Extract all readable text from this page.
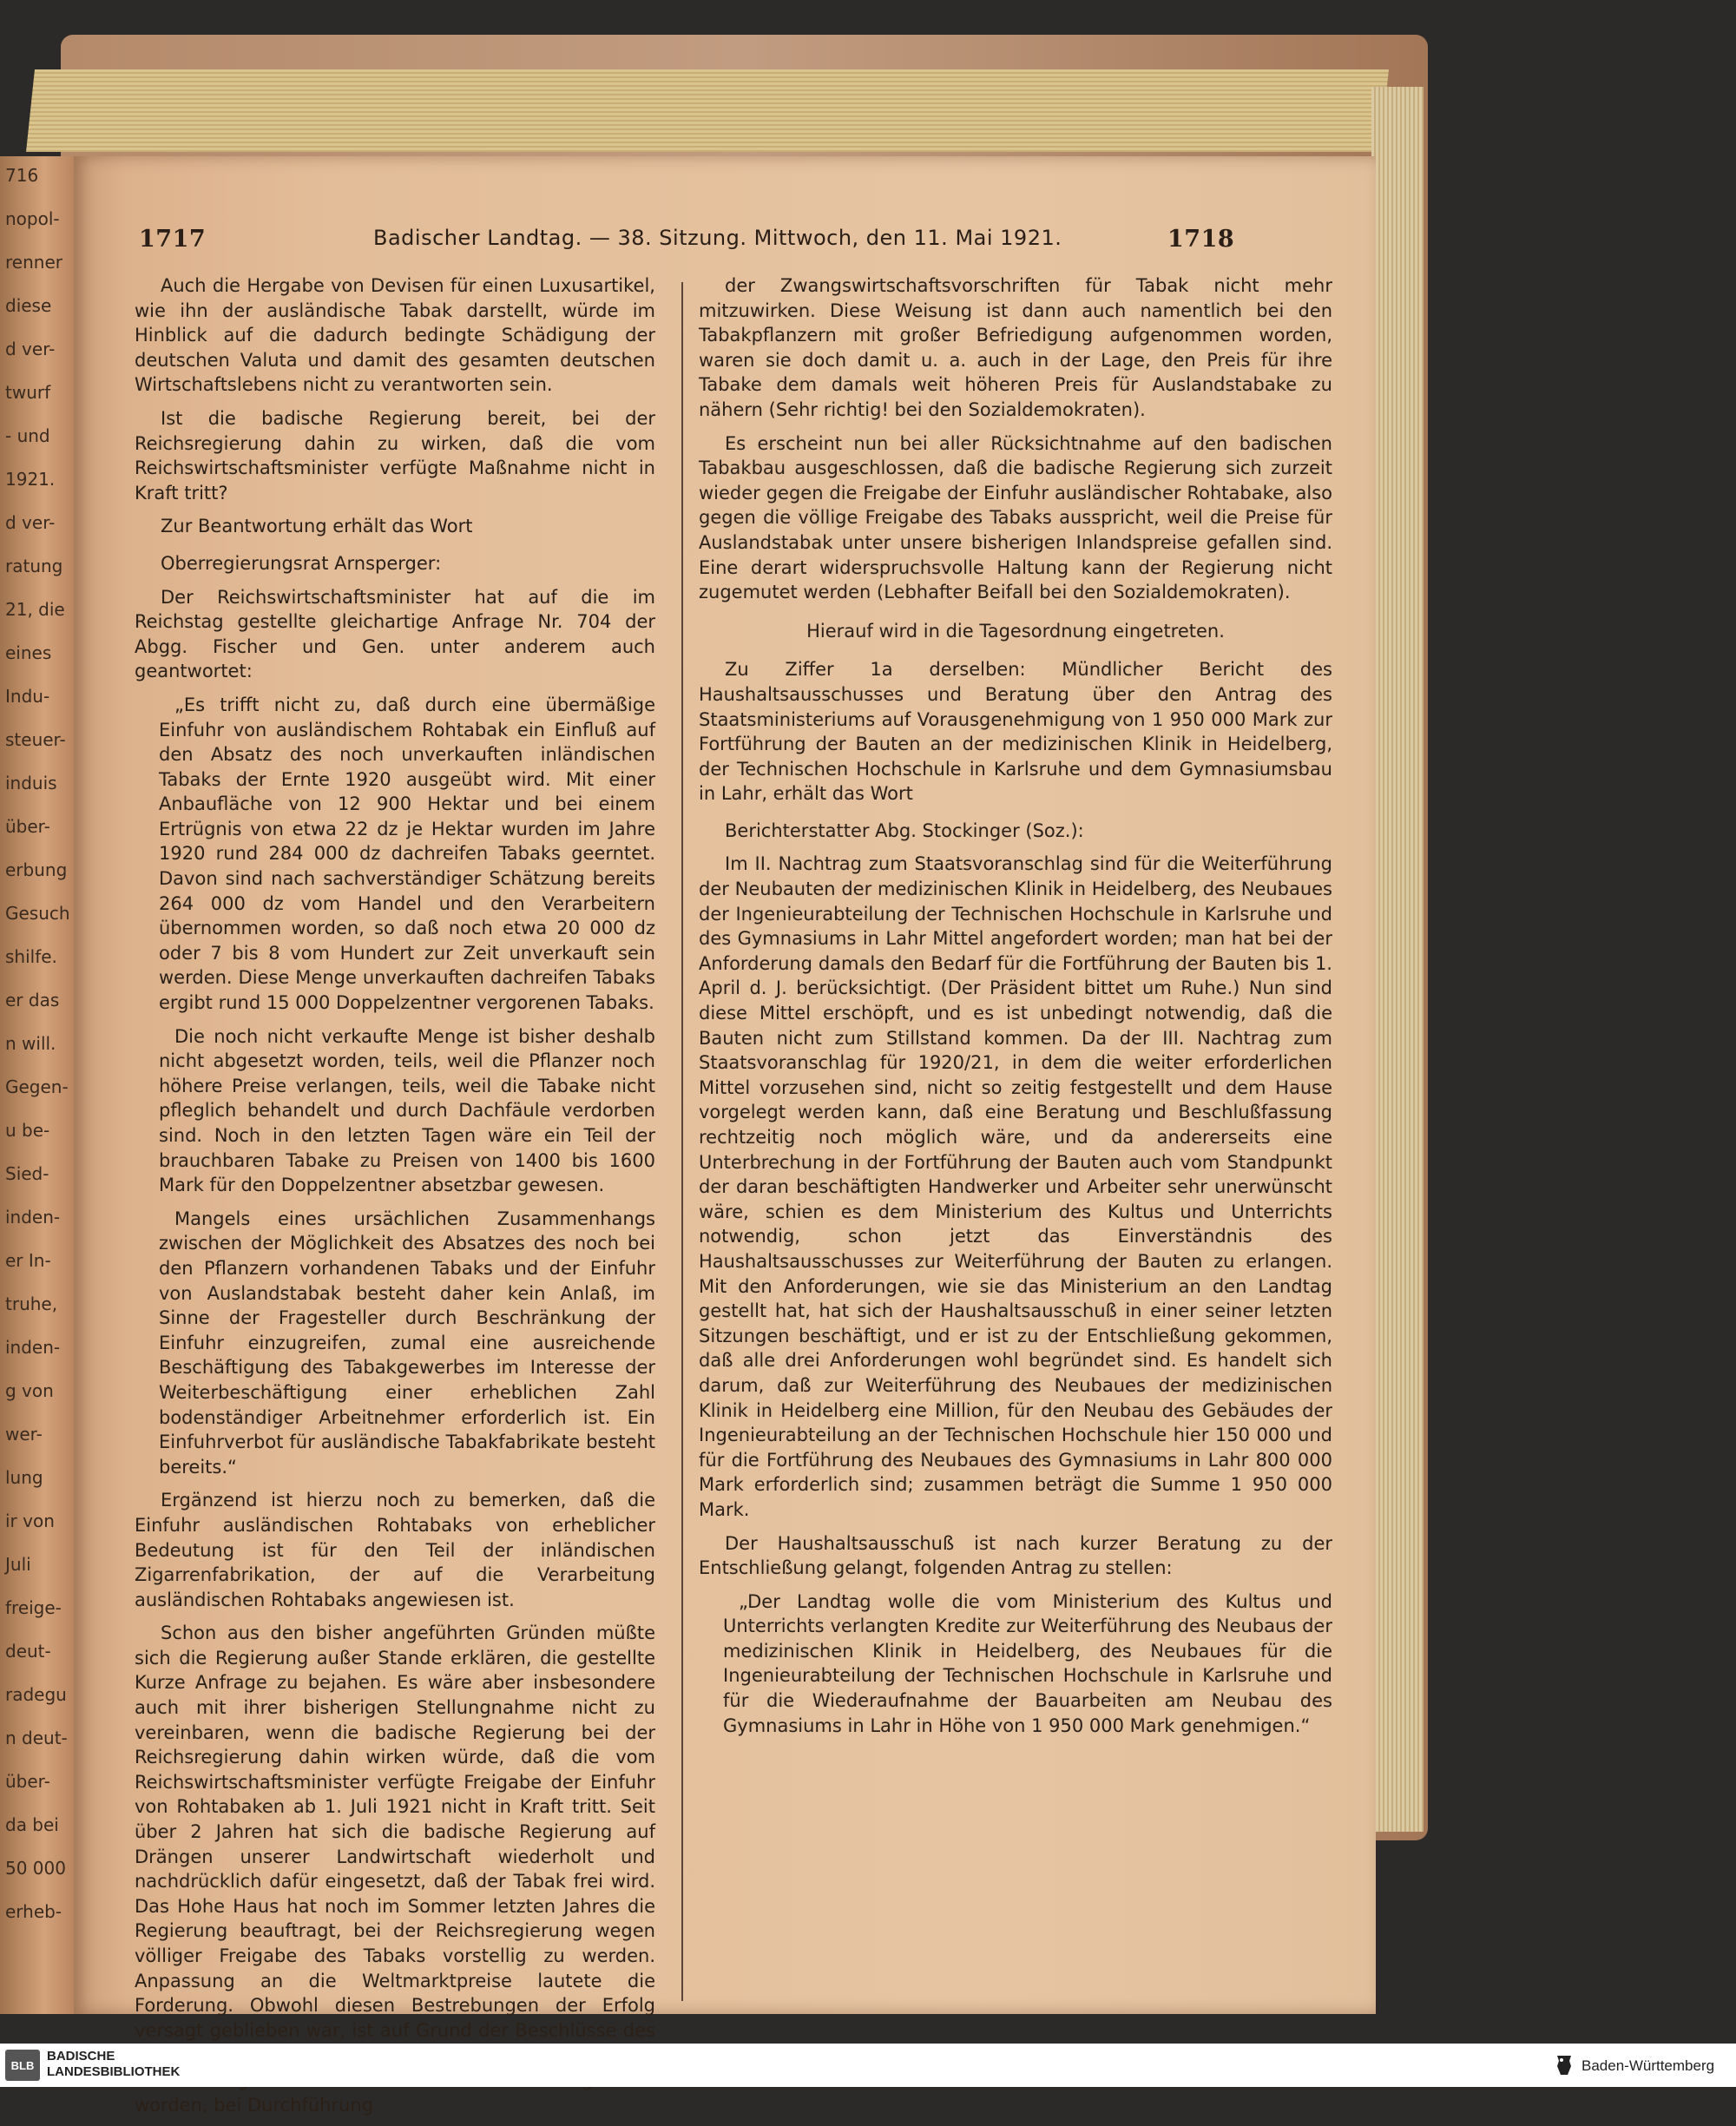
716
nopol-
renner
diese
d ver-
twurf
- und
1921.
d ver-
ratung
21, die
eines
Indu-
steuer-
induis
über-
erbung
Gesuch
shilfe.
er das
n will.
Gegen-
u be-
Sied-
inden-
er In-
truhe,
inden-
g von
wer-
lung
ir von
Juli
freige-
deut-
radegu
n deut-
über-
da bei
50 000
erheb-
1717	Badischer Landtag. — 38. Sitzung. Mittwoch, den 11. Mai 1921.	1718

Auch die Hergabe von Devisen für einen Luxusartikel, wie ihn der ausländische Tabak darstellt, würde im Hinblick auf die dadurch bedingte Schädigung der deutschen Valuta und damit des gesamten deutschen Wirtschaftslebens nicht zu verantworten sein.

Ist die badische Regierung bereit, bei der Reichsregierung dahin zu wirken, daß die vom Reichswirtschaftsminister verfügte Maßnahme nicht in Kraft tritt?

Zur Beantwortung erhält das Wort

Oberregierungsrat Arnsperger:

Der Reichswirtschaftsminister hat auf die im Reichstag gestellte gleichartige Anfrage Nr. 704 der Abgg. Fischer und Gen. unter anderem auch geantwortet:

„Es trifft nicht zu, daß durch eine übermäßige Einfuhr von ausländischem Rohtabak ein Einfluß auf den Absatz des noch unverkauften inländischen Tabaks der Ernte 1920 ausgeübt wird. Mit einer Anbaufläche von 12 900 Hektar und bei einem Ertrügnis von etwa 22 dz je Hektar wurden im Jahre 1920 rund 284 000 dz dachreifen Tabaks geerntet. Davon sind nach sachverständiger Schätzung bereits 264 000 dz vom Handel und den Verarbeitern übernommen worden, so daß noch etwa 20 000 dz oder 7 bis 8 vom Hundert zur Zeit unverkauft sein werden. Diese Menge unverkauften dachreifen Tabaks ergibt rund 15 000 Doppelzentner vergorenen Tabaks.

Die noch nicht verkaufte Menge ist bisher deshalb nicht abgesetzt worden, teils, weil die Pflanzer noch höhere Preise verlangen, teils, weil die Tabake nicht pfleglich behandelt und durch Dachfäule verdorben sind. Noch in den letzten Tagen wäre ein Teil der brauchbaren Tabake zu Preisen von 1400 bis 1600 Mark für den Doppelzentner absetzbar gewesen.

Mangels eines ursächlichen Zusammenhangs zwischen der Möglichkeit des Absatzes des noch bei den Pflanzern vorhandenen Tabaks und der Einfuhr von Auslandstabak besteht daher kein Anlaß, im Sinne der Fragesteller durch Beschränkung der Einfuhr einzugreifen, zumal eine ausreichende Beschäftigung des Tabakgewerbes im Interesse der Weiterbeschäftigung einer erheblichen Zahl bodenständiger Arbeitnehmer erforderlich ist. Ein Einfuhrverbot für ausländische Tabakfabrikate besteht bereits.“

Ergänzend ist hierzu noch zu bemerken, daß die Einfuhr ausländischen Rohtabaks von erheblicher Bedeutung ist für den Teil der inländischen Zigarrenfabrikation, der auf die Verarbeitung ausländischen Rohtabaks angewiesen ist.

Schon aus den bisher angeführten Gründen müßte sich die Regierung außer Stande erklären, die gestellte Kurze Anfrage zu bejahen. Es wäre aber insbesondere auch mit ihrer bisherigen Stellungnahme nicht zu vereinbaren, wenn die badische Regierung bei der Reichsregierung dahin wirken würde, daß die vom Reichswirtschaftsminister verfügte Freigabe der Einfuhr von Rohtabaken ab 1. Juli 1921 nicht in Kraft tritt. Seit über 2 Jahren hat sich die badische Regierung auf Drängen unserer Landwirtschaft wiederholt und nachdrücklich dafür eingesetzt, daß der Tabak frei wird. Das Hohe Haus hat noch im Sommer letzten Jahres die Regierung beauftragt, bei der Reichsregierung wegen völliger Freigabe des Tabaks vorstellig zu werden. Anpassung an die Weltmarktpreise lautete die Forderung. Obwohl diesen Bestrebungen der Erfolg versagt geblieben war, ist auf Grund der Beschlüsse des worden, bei Durchführung

der Zwangswirtschaftsvorschriften für Tabak nicht mehr mitzuwirken. Diese Weisung ist dann auch namentlich bei den Tabakpflanzern mit großer Befriedigung aufgenommen worden, waren sie doch damit u. a. auch in der Lage, den Preis für ihre Tabake dem damals weit höheren Preis für Auslandstabake zu nähern (Sehr richtig! bei den Sozialdemokraten).

Es erscheint nun bei aller Rücksichtnahme auf den badischen Tabakbau ausgeschlossen, daß die badische Regierung sich zurzeit wieder gegen die Freigabe der Einfuhr ausländischer Rohtabake, also gegen die völlige Freigabe des Tabaks ausspricht, weil die Preise für Auslandstabak unter unsere bisherigen Inlandspreise gefallen sind. Eine derart widerspruchsvolle Haltung kann der Regierung nicht zugemutet werden (Lebhafter Beifall bei den Sozialdemokraten).

Hierauf wird in die Tagesordnung eingetreten.

Zu Ziffer 1a derselben: Mündlicher Bericht des Haushaltsausschusses und Beratung über den Antrag des Staatsministeriums auf Vorausgenehmigung von 1 950 000 Mark zur Fortführung der Bauten an der medizinischen Klinik in Heidelberg, der Technischen Hochschule in Karlsruhe und dem Gymnasiumsbau in Lahr, erhält das Wort

Berichterstatter Abg. Stockinger (Soz.):

Im II. Nachtrag zum Staatsvoranschlag sind für die Weiterführung der Neubauten der medizinischen Klinik in Heidelberg, des Neubaues der Ingenieurabteilung der Technischen Hochschule in Karlsruhe und des Gymnasiums in Lahr Mittel angefordert worden; man hat bei der Anforderung damals den Bedarf für die Fortführung der Bauten bis 1. April d. J. berücksichtigt. (Der Präsident bittet um Ruhe.) Nun sind diese Mittel erschöpft, und es ist unbedingt notwendig, daß die Bauten nicht zum Stillstand kommen. Da der III. Nachtrag zum Staatsvoranschlag für 1920/21, in dem die weiter erforderlichen Mittel vorzusehen sind, nicht so zeitig festgestellt und dem Hause vorgelegt werden kann, daß eine Beratung und Beschlußfassung rechtzeitig noch möglich wäre, und da andererseits eine Unterbrechung in der Fortführung der Bauten auch vom Standpunkt der daran beschäftigten Handwerker und Arbeiter sehr unerwünscht wäre, schien es dem Ministerium des Kultus und Unterrichts notwendig, schon jetzt das Einverständnis des Haushaltsausschusses zur Weiterführung der Bauten zu erlangen. Mit den Anforderungen, wie sie das Ministerium an den Landtag gestellt hat, hat sich der Haushaltsausschuß in einer seiner letzten Sitzungen beschäftigt, und er ist zu der Entschließung gekommen, daß alle drei Anforderungen wohl begründet sind. Es handelt sich darum, daß zur Weiterführung des Neubaues der medizinischen Klinik in Heidelberg eine Million, für den Neubau des Gebäudes der Ingenieurabteilung an der Technischen Hochschule hier 150 000 und für die Fortführung des Neubaues des Gymnasiums in Lahr 800 000 Mark erforderlich sind; zusammen beträgt die Summe 1 950 000 Mark.

Der Haushaltsausschuß ist nach kurzer Beratung zu der Entschließung gelangt, folgenden Antrag zu stellen:

„Der Landtag wolle die vom Ministerium des Kultus und Unterrichts verlangten Kredite zur Weiterführung des Neubaus der medizinischen Klinik in Heidelberg, des Neubaues für die Ingenieurabteilung der Technischen Hochschule in Karlsruhe und für die Wiederaufnahme der Bauarbeiten am Neubau des Gymnasiums in Lahr in Höhe von 1 950 000 Mark genehmigen.“

BLB
BADISCHE
LANDESBIBLIOTHEK	Baden-Württemberg
